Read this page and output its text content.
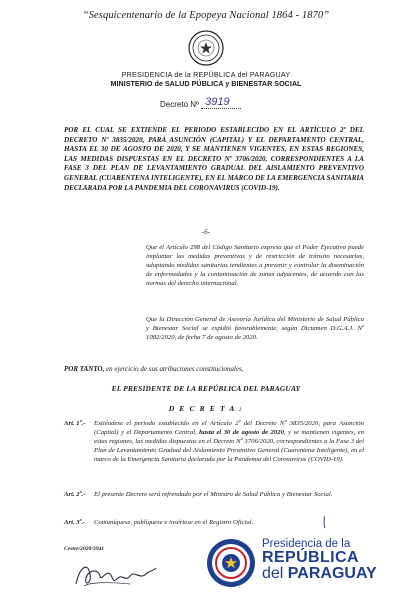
“Sesquicentenario de la Epopeya Nacional 1864 - 1870”
PRESIDENCIA de la REPÚBLICA del PARAGUAY
MINISTERIO de SALUD PÚBLICA y BIENESTAR SOCIAL
Decreto Nº 3919
POR EL CUAL SE EXTIENDE EL PERIODO ESTABLECIDO EN EL ARTÍCULO 2º DEL DECRETO Nº 3835/2020, PARA ASUNCIÓN (CAPITAL) Y EL DEPARTAMENTO CENTRAL, HASTA EL 30 DE AGOSTO DE 2020, Y SE MANTIENEN VIGENTES, EN ESTAS REGIONES, LAS MEDIDAS DISPUESTAS EN EL DECRETO Nº 3706/2020, CORRESPONDIENTES A LA FASE 3 DEL PLAN DE LEVANTAMIENTO GRADUAL DEL AISLAMIENTO PREVENTIVO GENERAL (CUARENTENA INTELIGENTE), EN EL MARCO DE LA EMERGENCIA SANITARIA DECLARADA POR LA PANDEMIA DEL CORONAVIRUS (COVID-19).
-6-
Que el Artículo 298 del Código Sanitario expresa que el Poder Ejecutivo puede implantar las medidas preventivas y de restricción de tránsito necesarias, adoptando medidas sanitarias tendientes a prevenir y controlar la diseminación de enfermedades y la contaminación de zonas adyacentes, de acuerdo con las normas del derecho internacional.
Que la Dirección General de Asesoría Jurídica del Ministerio de Salud Pública y Bienestar Social se expidió favorablemente, según Dictamen D.G.A.J. Nº 1082/2020, de fecha 7 de agosto de 2020.
POR TANTO, en ejercicio de sus atribuciones constitucionales,
EL PRESIDENTE DE LA REPÚBLICA DEL PARAGUAY
D E C R E T A :
Art. 1º.- Extiéndese el periodo establecido en el Artículo 2º del Decreto Nº 3835/2020, para Asunción (Capital) y el Departamento Central, hasta el 30 de agosto de 2020, y se mantienen vigentes, en estas regiones, las medidas dispuestas en el Decreto Nº 3706/2020, correspondientes a la Fase 3 del Plan de Levantamiento Gradual del Aislamiento Preventivo General (Cuarentena Inteligente), en el marco de la Emergencia Sanitaria declarada por la Pandemia del Coronavirus (COVID-19).
Art. 2º.- El presente Decreto será refrendado por el Ministro de Salud Pública y Bienestar Social.
Art. 3º.- Comuníquese, publíquese e insértese en el Registro Oficial.
Cester/2020/3941	Presidencia de la
REPÚBLICA
del PARAGUAY
